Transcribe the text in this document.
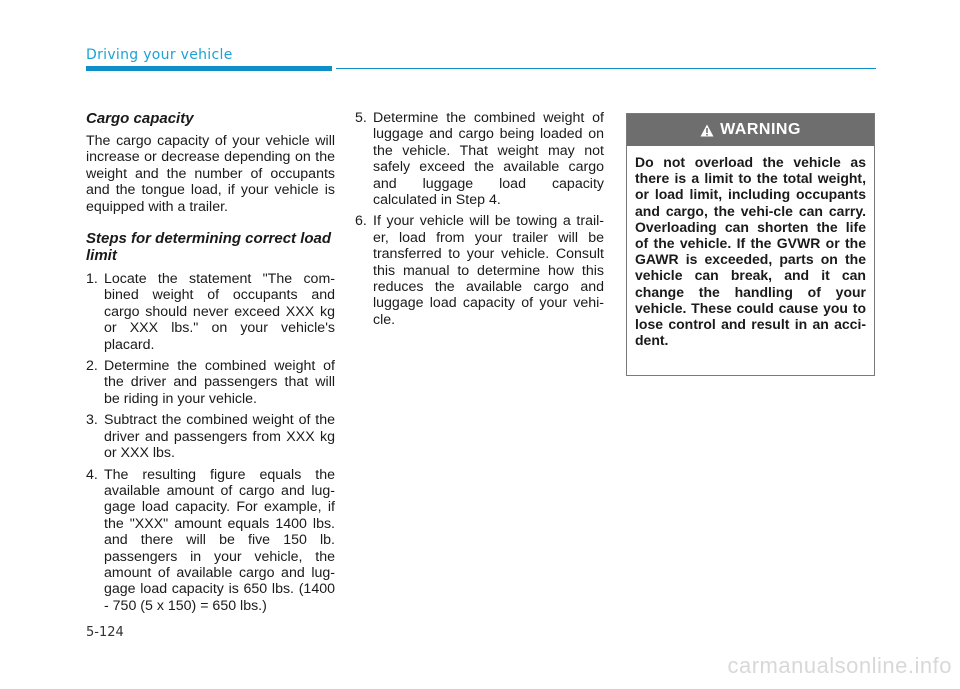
Driving your vehicle
Cargo capacity

The cargo capacity of your vehicle will increase or decrease depending on the weight and the number of occupants and the tongue load, if your vehicle is equipped with a trailer.

Steps for determining correct load limit
1. Locate the statement "The com-bined weight of occupants and cargo should never exceed XXX kg or XXX lbs." on your vehicle's placard.
2. Determine the combined weight of the driver and passengers that will be riding in your vehicle.
3. Subtract the combined weight of the driver and passengers from XXX kg or XXX lbs.
4. The resulting figure equals the available amount of cargo and lug-gage load capacity. For example, if the "XXX" amount equals 1400 lbs. and there will be five 150 lb. passengers in your vehicle, the amount of available cargo and lug-gage load capacity is 650 lbs. (1400 - 750 (5 x 150) = 650 lbs.)
5. Determine the combined weight of luggage and cargo being loaded on the vehicle. That weight may not safely exceed the available cargo and luggage load capacity calculated in Step 4.
6. If your vehicle will be towing a trail-er, load from your trailer will be transferred to your vehicle. Consult this manual to determine how this reduces the available cargo and luggage load capacity of your vehi-cle.
WARNING
Do not overload the vehicle as there is a limit to the total weight, or load limit, including occupants and cargo, the vehi-cle can carry. Overloading can shorten the life of the vehicle. If the GVWR or the GAWR is exceeded, parts on the vehicle can break, and it can change the handling of your vehicle. These could cause you to lose control and result in an acci-dent.
5-124
carmanualsonline.info
